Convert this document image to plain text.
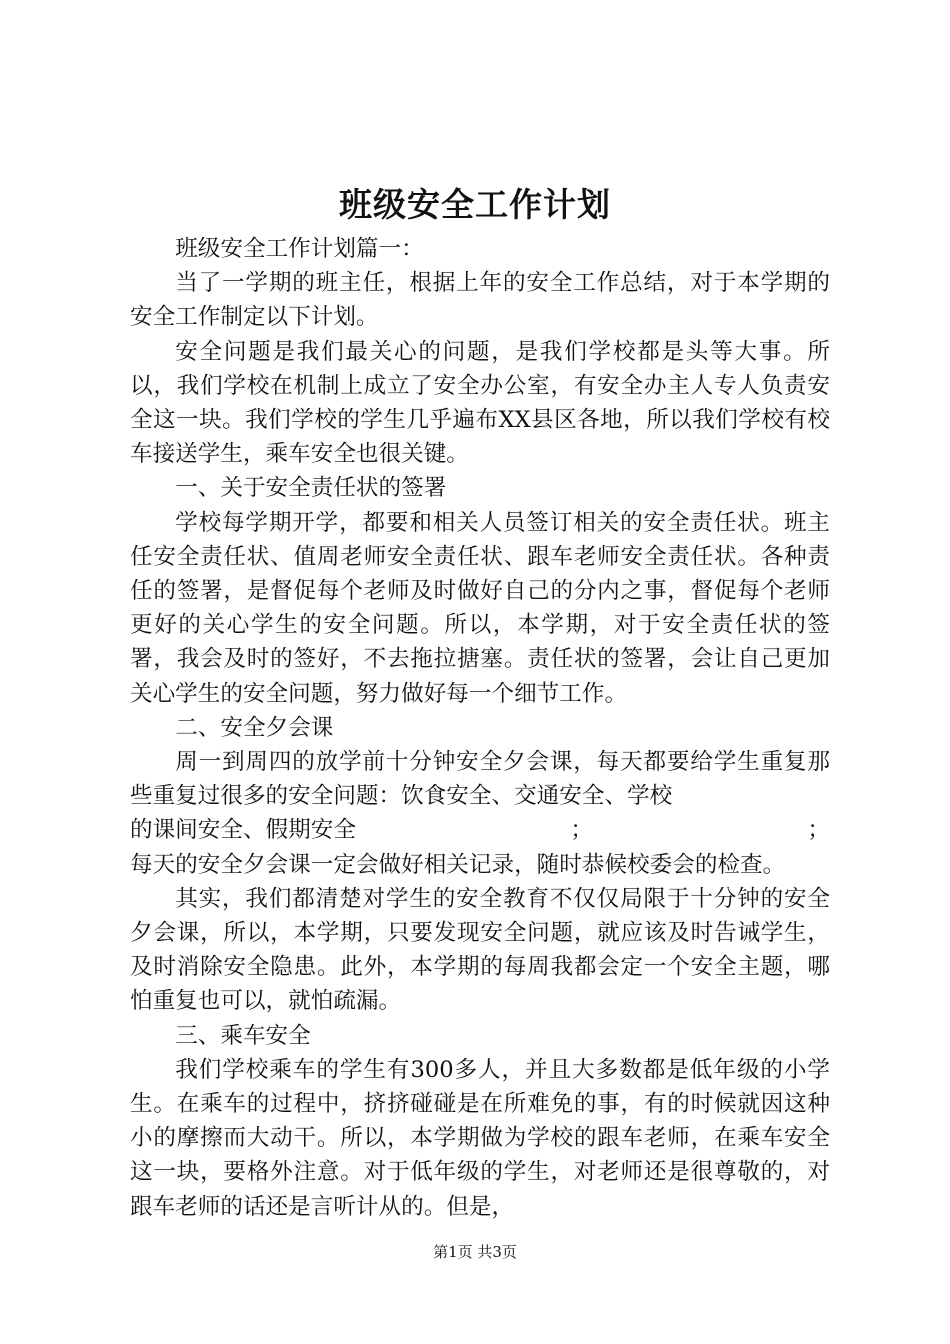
班级安全工作计划

班级安全工作计划篇一：

当了一学期的班主任，根据上年的安全工作总结，对于本学期的安全工作制定以下计划。

安全问题是我们最关心的问题，是我们学校都是头等大事。所以，我们学校在机制上成立了安全办公室，有安全办主人专人负责安全这一块。我们学校的学生几乎遍布XX县区各地，所以我们学校有校车接送学生，乘车安全也很关键。

一、关于安全责任状的签署

学校每学期开学，都要和相关人员签订相关的安全责任状。班主任安全责任状、值周老师安全责任状、跟车老师安全责任状。各种责任的签署，是督促每个老师及时做好自己的分内之事，督促每个老师更好的关心学生的安全问题。所以，本学期，对于安全责任状的签署，我会及时的签好，不去拖拉搪塞。责任状的签署，会让自己更加关心学生的安全问题，努力做好每一个细节工作。

二、安全夕会课

周一到周四的放学前十分钟安全夕会课，每天都要给学生重复那些重复过很多的安全问题：饮食安全、交通安全、学校

的课间安全、假期安全	；	；

每天的安全夕会课一定会做好相关记录，随时恭候校委会的检查。

其实，我们都清楚对学生的安全教育不仅仅局限于十分钟的安全夕会课，所以，本学期，只要发现安全问题，就应该及时告诫学生，及时消除安全隐患。此外，本学期的每周我都会定一个安全主题，哪怕重复也可以，就怕疏漏。

三、乘车安全

我们学校乘车的学生有300多人，并且大多数都是低年级的小学生。在乘车的过程中，挤挤碰碰是在所难免的事，有的时候就因这种小的摩擦而大动干。所以，本学期做为学校的跟车老师，在乘车安全这一块，要格外注意。对于低年级的学生，对老师还是很尊敬的，对跟车老师的话还是言听计从的。但是，

第1页 共3页
